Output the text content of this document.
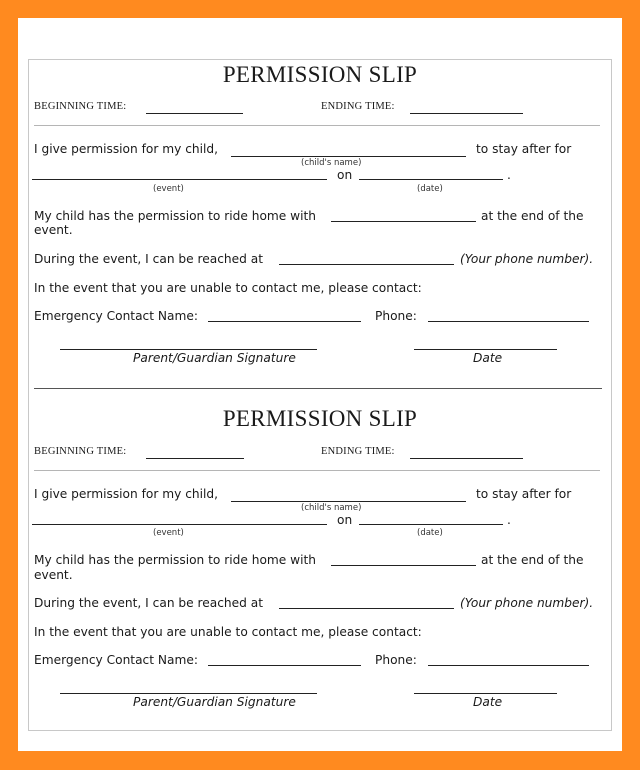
PERMISSION SLIP
BEGINNING TIME:	ENDING TIME:
I give permission for my child,	to stay after for
(child's name)
on	.
(event)	(date)
My child has the permission to ride home with	at the end of the
event.
During the event, I can be reached at	(Your phone number).
In the event that you are unable to contact me, please contact:
Emergency Contact Name:	Phone:
Parent/Guardian Signature	Date
PERMISSION SLIP
BEGINNING TIME:	ENDING TIME:
I give permission for my child,	to stay after for
(child's name)
on	.
(event)	(date)
My child has the permission to ride home with	at the end of the
event.
During the event, I can be reached at	(Your phone number).
In the event that you are unable to contact me, please contact:
Emergency Contact Name:	Phone:
Parent/Guardian Signature	Date
